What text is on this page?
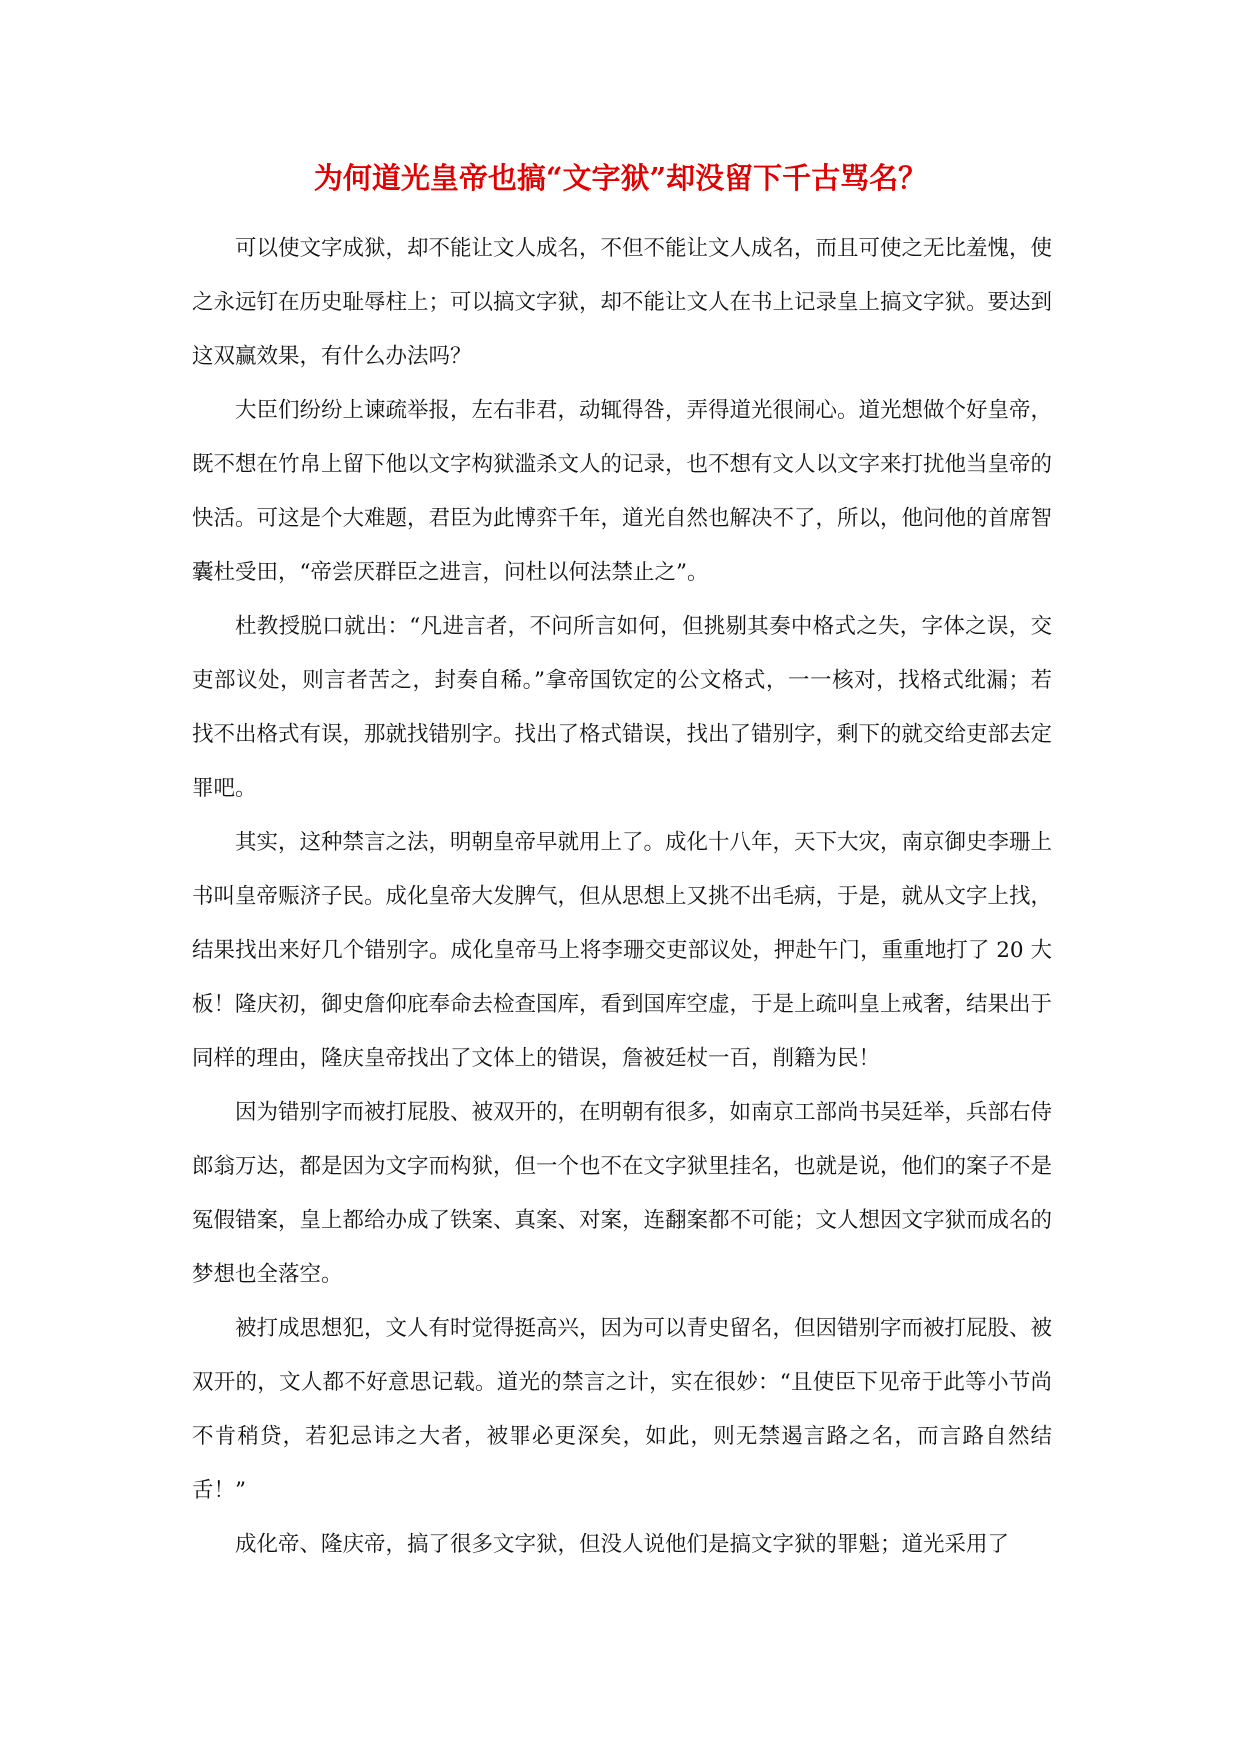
为何道光皇帝也搞“文字狱”却没留下千古骂名？

可以使文字成狱，却不能让文人成名，不但不能让文人成名，而且可使之无比羞愧，使之永远钉在历史耻辱柱上；可以搞文字狱，却不能让文人在书上记录皇上搞文字狱。要达到这双赢效果，有什么办法吗？

大臣们纷纷上谏疏举报，左右非君，动辄得咎，弄得道光很闹心。道光想做个好皇帝，既不想在竹帛上留下他以文字构狱滥杀文人的记录，也不想有文人以文字来打扰他当皇帝的快活。可这是个大难题，君臣为此博弈千年，道光自然也解决不了，所以，他问他的首席智囊杜受田，“帝尝厌群臣之进言，问杜以何法禁止之”。

杜教授脱口就出：“凡进言者，不问所言如何，但挑剔其奏中格式之失，字体之误，交吏部议处，则言者苦之，封奏自稀。”拿帝国钦定的公文格式，一一核对，找格式纰漏；若找不出格式有误，那就找错别字。找出了格式错误，找出了错别字，剩下的就交给吏部去定罪吧。

其实，这种禁言之法，明朝皇帝早就用上了。成化十八年，天下大灾，南京御史李珊上书叫皇帝赈济子民。成化皇帝大发脾气，但从思想上又挑不出毛病，于是，就从文字上找，结果找出来好几个错别字。成化皇帝马上将李珊交吏部议处，押赴午门，重重地打了 20 大板！隆庆初，御史詹仰庇奉命去检查国库，看到国库空虚，于是上疏叫皇上戒奢，结果出于同样的理由，隆庆皇帝找出了文体上的错误，詹被廷杖一百，削籍为民！

因为错别字而被打屁股、被双开的，在明朝有很多，如南京工部尚书吴廷举，兵部右侍郎翁万达，都是因为文字而构狱，但一个也不在文字狱里挂名，也就是说，他们的案子不是冤假错案，皇上都给办成了铁案、真案、对案，连翻案都不可能；文人想因文字狱而成名的梦想也全落空。

被打成思想犯，文人有时觉得挺高兴，因为可以青史留名，但因错别字而被打屁股、被双开的，文人都不好意思记载。道光的禁言之计，实在很妙：“且使臣下见帝于此等小节尚不肯稍贷，若犯忌讳之大者，被罪必更深矣，如此，则无禁遏言路之名，而言路自然结舌！”

成化帝、隆庆帝，搞了很多文字狱，但没人说他们是搞文字狱的罪魁；道光采用了
